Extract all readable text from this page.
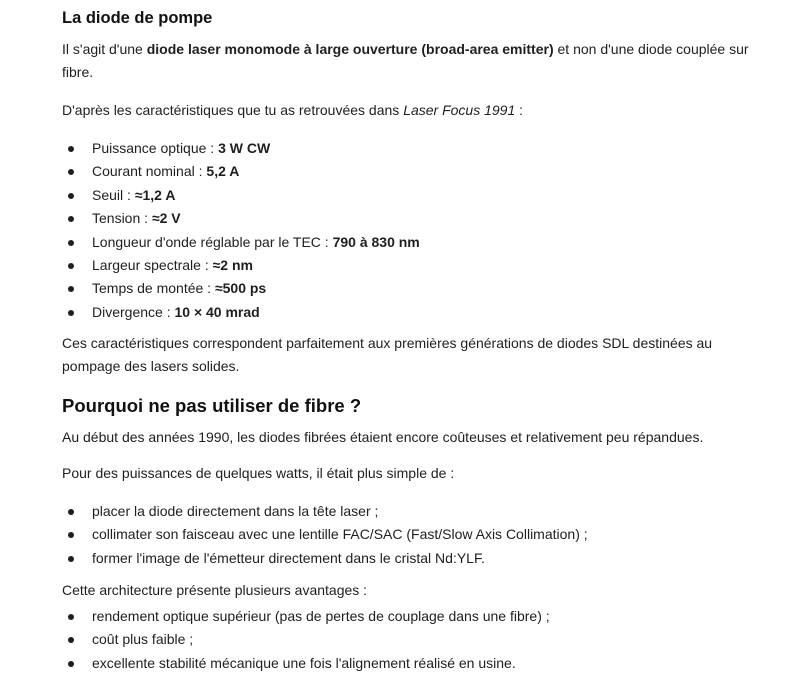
La diode de pompe

Il s'agit d'une diode laser monomode à large ouverture (broad-area emitter) et non d'une diode couplée sur fibre.

D'après les caractéristiques que tu as retrouvées dans Laser Focus 1991 :

Puissance optique : 3 W CW
Courant nominal : 5,2 A
Seuil : ≈1,2 A
Tension : ≈2 V
Longueur d'onde réglable par le TEC : 790 à 830 nm
Largeur spectrale : ≈2 nm
Temps de montée : ≈500 ps
Divergence : 10 × 40 mrad

Ces caractéristiques correspondent parfaitement aux premières générations de diodes SDL destinées au pompage des lasers solides.

Pourquoi ne pas utiliser de fibre ?

Au début des années 1990, les diodes fibrées étaient encore coûteuses et relativement peu répandues.

Pour des puissances de quelques watts, il était plus simple de :

placer la diode directement dans la tête laser ;
collimater son faisceau avec une lentille FAC/SAC (Fast/Slow Axis Collimation) ;
former l'image de l'émetteur directement dans le cristal Nd:YLF.

Cette architecture présente plusieurs avantages :

rendement optique supérieur (pas de pertes de couplage dans une fibre) ;
coût plus faible ;
excellente stabilité mécanique une fois l'alignement réalisé en usine.
